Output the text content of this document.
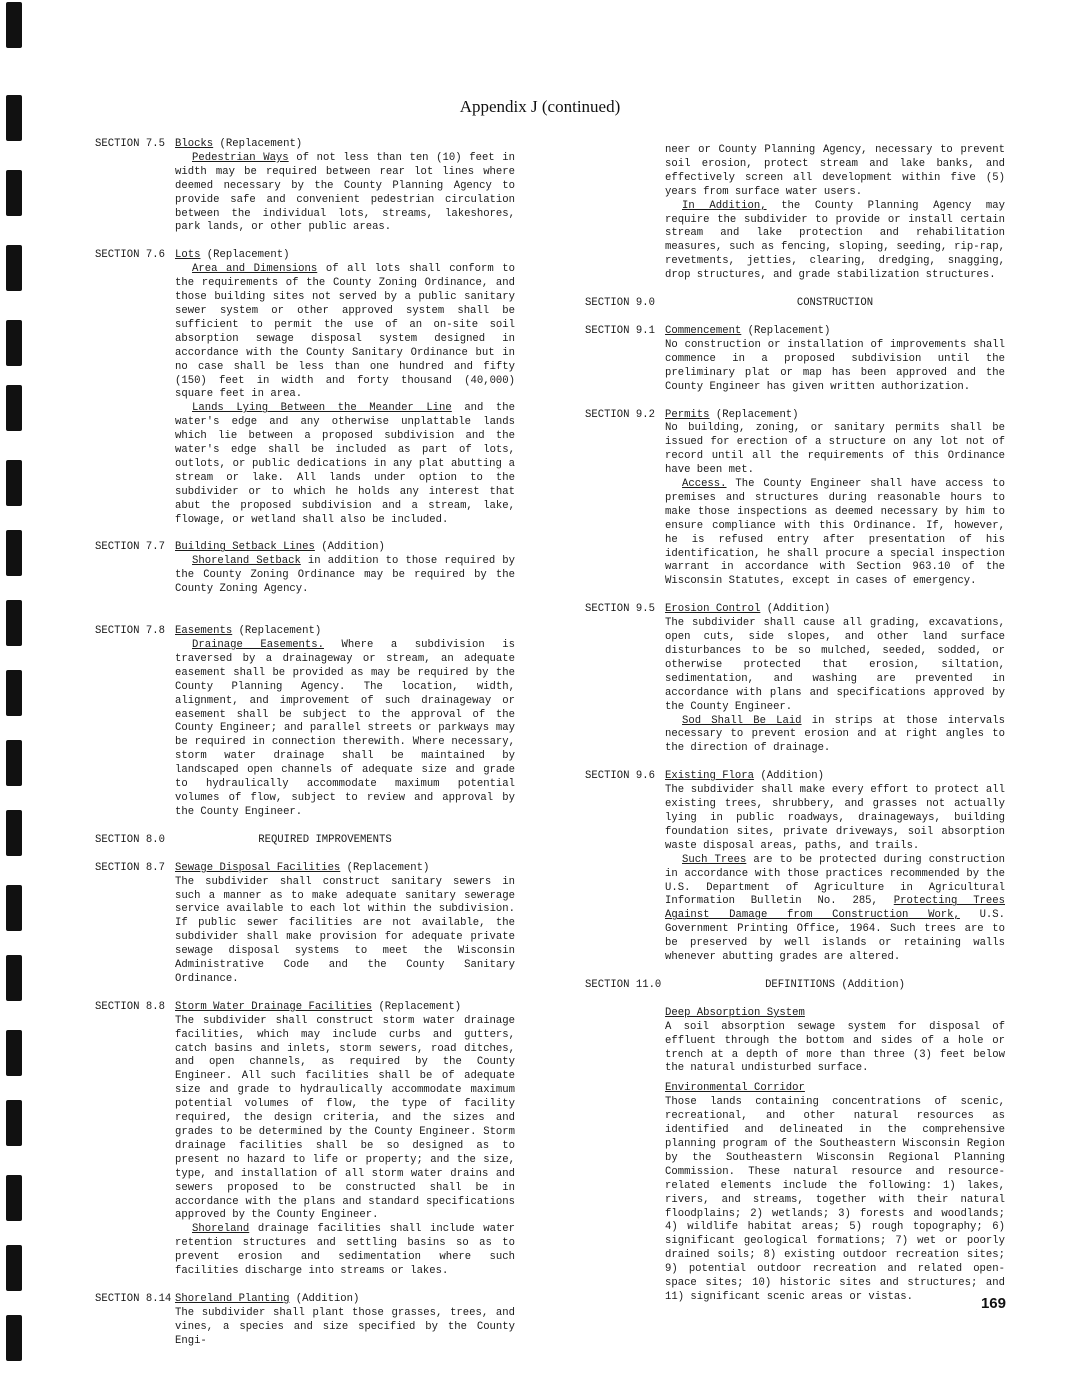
Appendix J (continued)
SECTION 7.5 Blocks (Replacement)

Pedestrian Ways of not less than ten (10) feet in width may be required between rear lot lines where deemed necessary by the County Planning Agency to provide safe and convenient pedestrian circulation between the individual lots, streams, lakeshores, park lands, or other public areas.

SECTION 7.6 Lots (Replacement)

Area and Dimensions of all lots shall conform to the requirements of the County Zoning Ordinance, and those building sites not served by a public sanitary sewer system or other approved system shall be sufficient to permit the use of an on-site soil absorption sewage disposal system designed in accordance with the County Sanitary Ordinance but in no case shall be less than one hundred and fifty (150) feet in width and forty thousand (40,000) square feet in area.

Lands Lying Between the Meander Line and the water's edge and any otherwise unplattable lands which lie between a proposed subdivision and the water's edge shall be included as part of lots, outlots, or public dedications in any plat abutting a stream or lake. All lands under option to the subdivider or to which he holds any interest that abut the proposed subdivision and a stream, lake, flowage, or wetland shall also be included.

SECTION 7.7 Building Setback Lines (Addition)

Shoreland Setback in addition to those required by the County Zoning Ordinance may be required by the County Zoning Agency.

SECTION 7.8 Easements (Replacement)

Drainage Easements. Where a subdivision is traversed by a drainageway or stream, an adequate easement shall be provided as may be required by the County Planning Agency. The location, width, alignment, and improvement of such drainageway or easement shall be subject to the approval of the County Engineer; and parallel streets or parkways may be required in connection therewith. Where necessary, storm water drainage shall be maintained by landscaped open channels of adequate size and grade to hydraulically accommodate maximum potential volumes of flow, subject to review and approval by the County Engineer.

SECTION 8.0	REQUIRED IMPROVEMENTS
SECTION 8.7 Sewage Disposal Facilities (Replacement)

The subdivider shall construct sanitary sewers in such a manner as to make adequate sanitary sewerage service available to each lot within the subdivision. If public sewer facilities are not available, the subdivider shall make provision for adequate private sewage disposal systems to meet the Wisconsin Administrative Code and the County Sanitary Ordinance.

SECTION 8.8 Storm Water Drainage Facilities (Replacement)

The subdivider shall construct storm water drainage facilities, which may include curbs and gutters, catch basins and inlets, storm sewers, road ditches, and open channels, as required by the County Engineer. All such facilities shall be of adequate size and grade to hydraulically accommodate maximum potential volumes of flow, the type of facility required, the design criteria, and the sizes and grades to be determined by the County Engineer. Storm drainage facilities shall be so designed as to present no hazard to life or property; and the size, type, and installation of all storm water drains and sewers proposed to be constructed shall be in accordance with the plans and standard specifications approved by the County Engineer.

Shoreland drainage facilities shall include water retention structures and settling basins so as to prevent erosion and sedimentation where such facilities discharge into streams or lakes.

SECTION 8.14 Shoreland Planting (Addition)

The subdivider shall plant those grasses, trees, and vines, a species and size specified by the County Engi-

neer or County Planning Agency, necessary to prevent soil erosion, protect stream and lake banks, and effectively screen all development within five (5) years from surface water users.

In Addition, the County Planning Agency may require the subdivider to provide or install certain stream and lake protection and rehabilitation measures, such as fencing, sloping, seeding, rip-rap, revetments, jetties, clearing, dredging, snagging, drop structures, and grade stabilization structures.

SECTION 9.0	CONSTRUCTION
SECTION 9.1 Commencement (Replacement)

No construction or installation of improvements shall commence in a proposed subdivision until the preliminary plat or map has been approved and the County Engineer has given written authorization.

SECTION 9.2 Permits (Replacement)

No building, zoning, or sanitary permits shall be issued for erection of a structure on any lot not of record until all the requirements of this Ordinance have been met.

Access. The County Engineer shall have access to premises and structures during reasonable hours to make those inspections as deemed necessary by him to ensure compliance with this Ordinance. If, however, he is refused entry after presentation of his identification, he shall procure a special inspection warrant in accordance with Section 963.10 of the Wisconsin Statutes, except in cases of emergency.

SECTION 9.5 Erosion Control (Addition)

The subdivider shall cause all grading, excavations, open cuts, side slopes, and other land surface disturbances to be so mulched, seeded, sodded, or otherwise protected that erosion, siltation, sedimentation, and washing are prevented in accordance with plans and specifications approved by the County Engineer.

Sod Shall Be Laid in strips at those intervals necessary to prevent erosion and at right angles to the direction of drainage.

SECTION 9.6 Existing Flora (Addition)

The subdivider shall make every effort to protect all existing trees, shrubbery, and grasses not actually lying in public roadways, drainageways, building foundation sites, private driveways, soil absorption waste disposal areas, paths, and trails.

Such Trees are to be protected during construction in accordance with those practices recommended by the U.S. Department of Agriculture in Agricultural Information Bulletin No. 285, Protecting Trees Against Damage from Construction Work, U.S. Government Printing Office, 1964. Such trees are to be preserved by well islands or retaining walls whenever abutting grades are altered.

SECTION 11.0	DEFINITIONS (Addition)
Deep Absorption System

A soil absorption sewage system for disposal of effluent through the bottom and sides of a hole or trench at a depth of more than three (3) feet below the natural undisturbed surface.

Environmental Corridor

Those lands containing concentrations of scenic, recreational, and other natural resources as identified and delineated in the comprehensive planning program of the Southeastern Wisconsin Region by the Southeastern Wisconsin Regional Planning Commission. These natural resource and resource-related elements include the following: 1) lakes, rivers, and streams, together with their natural floodplains; 2) wetlands; 3) forests and woodlands; 4) wildlife habitat areas; 5) rough topography; 6) significant geological formations; 7) wet or poorly drained soils; 8) existing outdoor recreation sites; 9) potential outdoor recreation and related open-space sites; 10) historic sites and structures; and 11) significant scenic areas or vistas.	169
